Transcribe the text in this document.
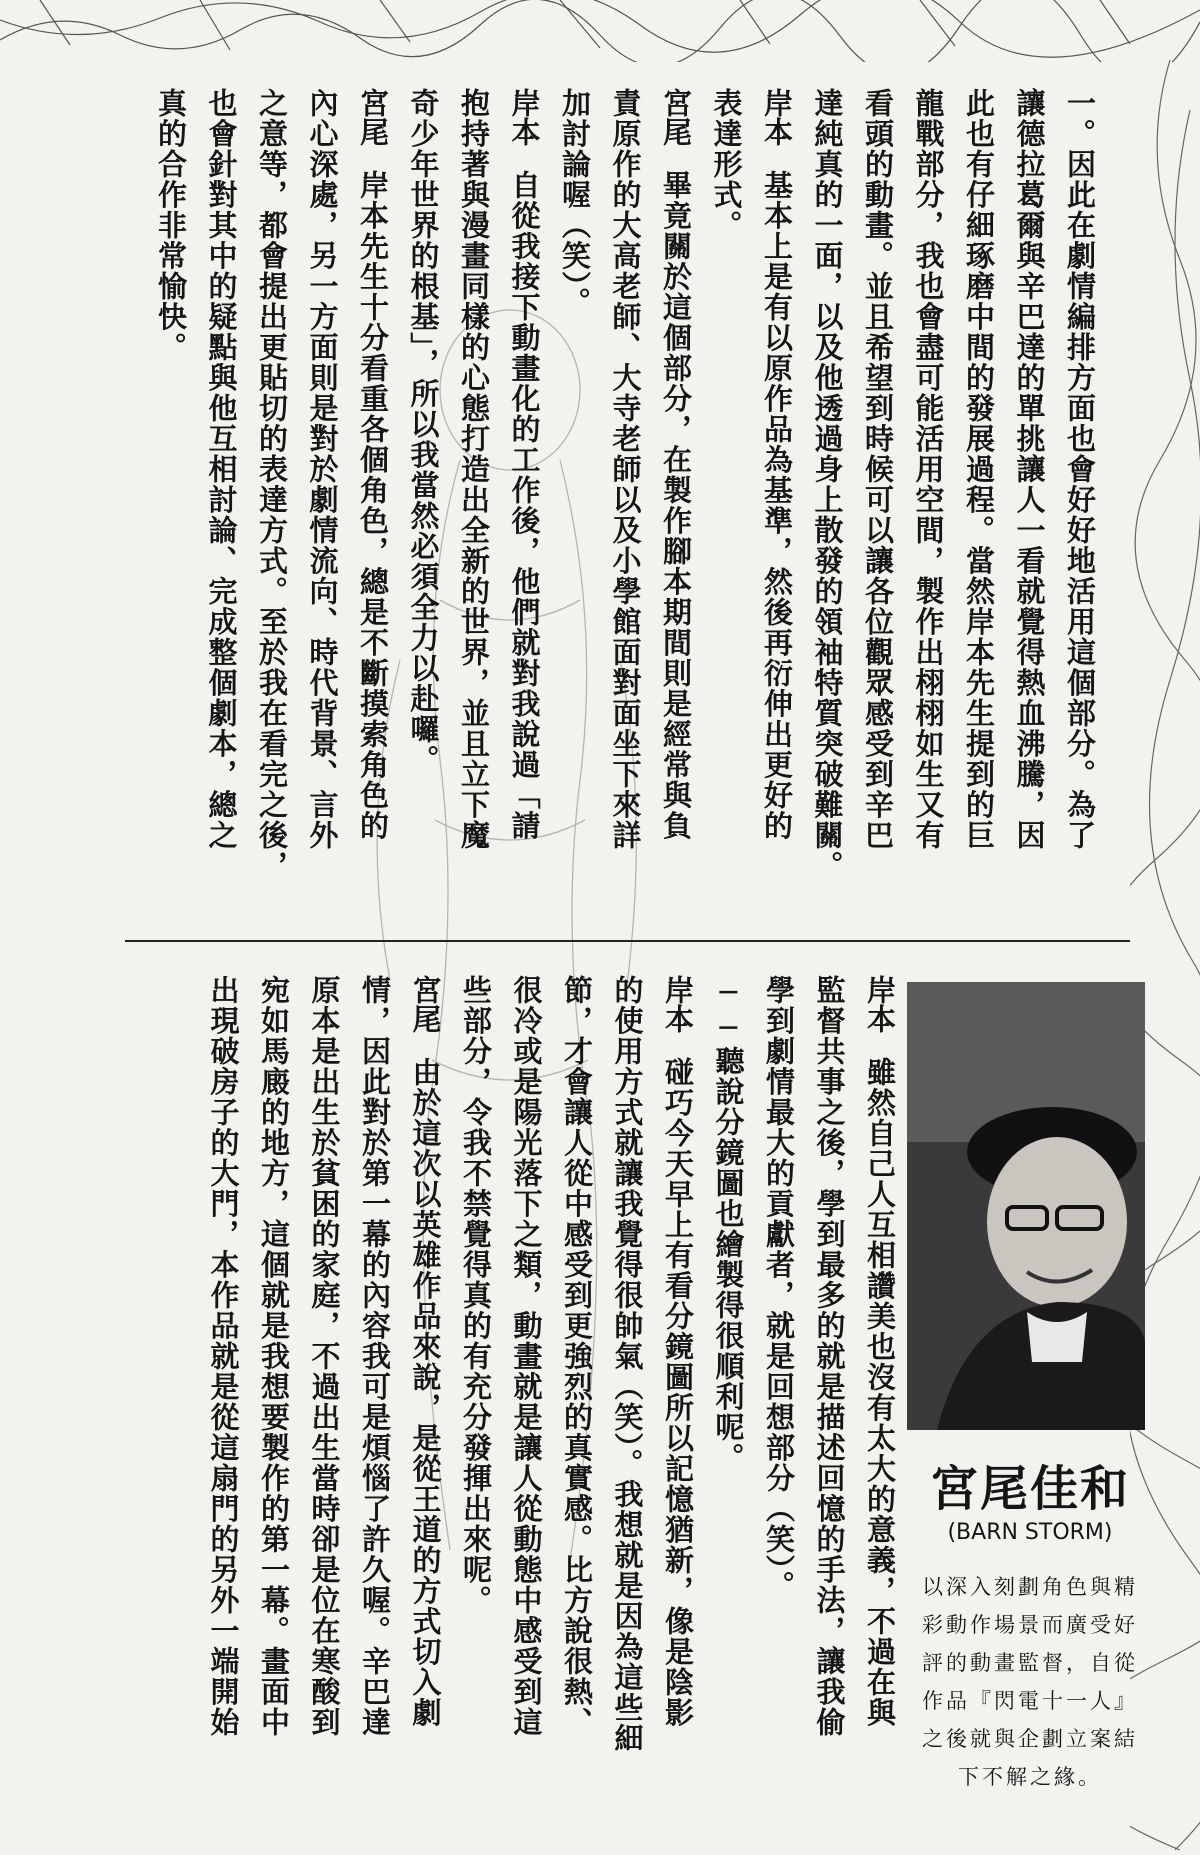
一。因此在劇情編排方面也會好好地活用這個部分。為了
讓德拉葛爾與辛巴達的單挑讓人一看就覺得熱血沸騰，因
此也有仔細琢磨中間的發展過程。當然岸本先生提到的巨
龍戰部分，我也會盡可能活用空間，製作出栩栩如生又有
看頭的動畫。並且希望到時候可以讓各位觀眾感受到辛巴
達純真的一面，以及他透過身上散發的領袖特質突破難關。
岸本基本上是有以原作品為基準，然後再衍伸出更好的
表達形式。
宮尾畢竟關於這個部分，在製作腳本期間則是經常與負
責原作的大高老師、大寺老師以及小學館面對面坐下來詳
加討論喔（笑）。
岸本自從我接下動畫化的工作後，他們就對我說過「請
抱持著與漫畫同樣的心態打造出全新的世界，並且立下魔
奇少年世界的根基」，所以我當然必須全力以赴囉。
宮尾岸本先生十分看重各個角色，總是不斷摸索角色的
內心深處，另一方面則是對於劇情流向、時代背景、言外
之意等，都會提出更貼切的表達方式。至於我在看完之後，
也會針對其中的疑點與他互相討論、完成整個劇本，總之
真的合作非常愉快。
岸本雖然自己人互相讚美也沒有太大的意義，不過在與
監督共事之後，學到最多的就是描述回憶的手法，讓我偷
學到劇情最大的貢獻者，就是回想部分（笑）。
──聽說分鏡圖也繪製得很順利呢。
岸本碰巧今天早上有看分鏡圖所以記憶猶新，像是陰影
的使用方式就讓我覺得很帥氣（笑）。我想就是因為這些細
節，才會讓人從中感受到更強烈的真實感。比方說很熱、
很冷或是陽光落下之類，動畫就是讓人從動態中感受到這
些部分，令我不禁覺得真的有充分發揮出來呢。
宮尾由於這次以英雄作品來說，是從王道的方式切入劇
情，因此對於第一幕的內容我可是煩惱了許久喔。辛巴達
原本是出生於貧困的家庭，不過出生當時卻是位在寒酸到
宛如馬廄的地方，這個就是我想要製作的第一幕。畫面中
出現破房子的大門，本作品就是從這扇門的另外一端開始	宮尾佳和
(BARN STORM)
以深入刻劃角色與精
彩動作場景而廣受好
評的動畫監督，自從
作品『閃電十一人』
之後就與企劃立案結
下不解之緣。
